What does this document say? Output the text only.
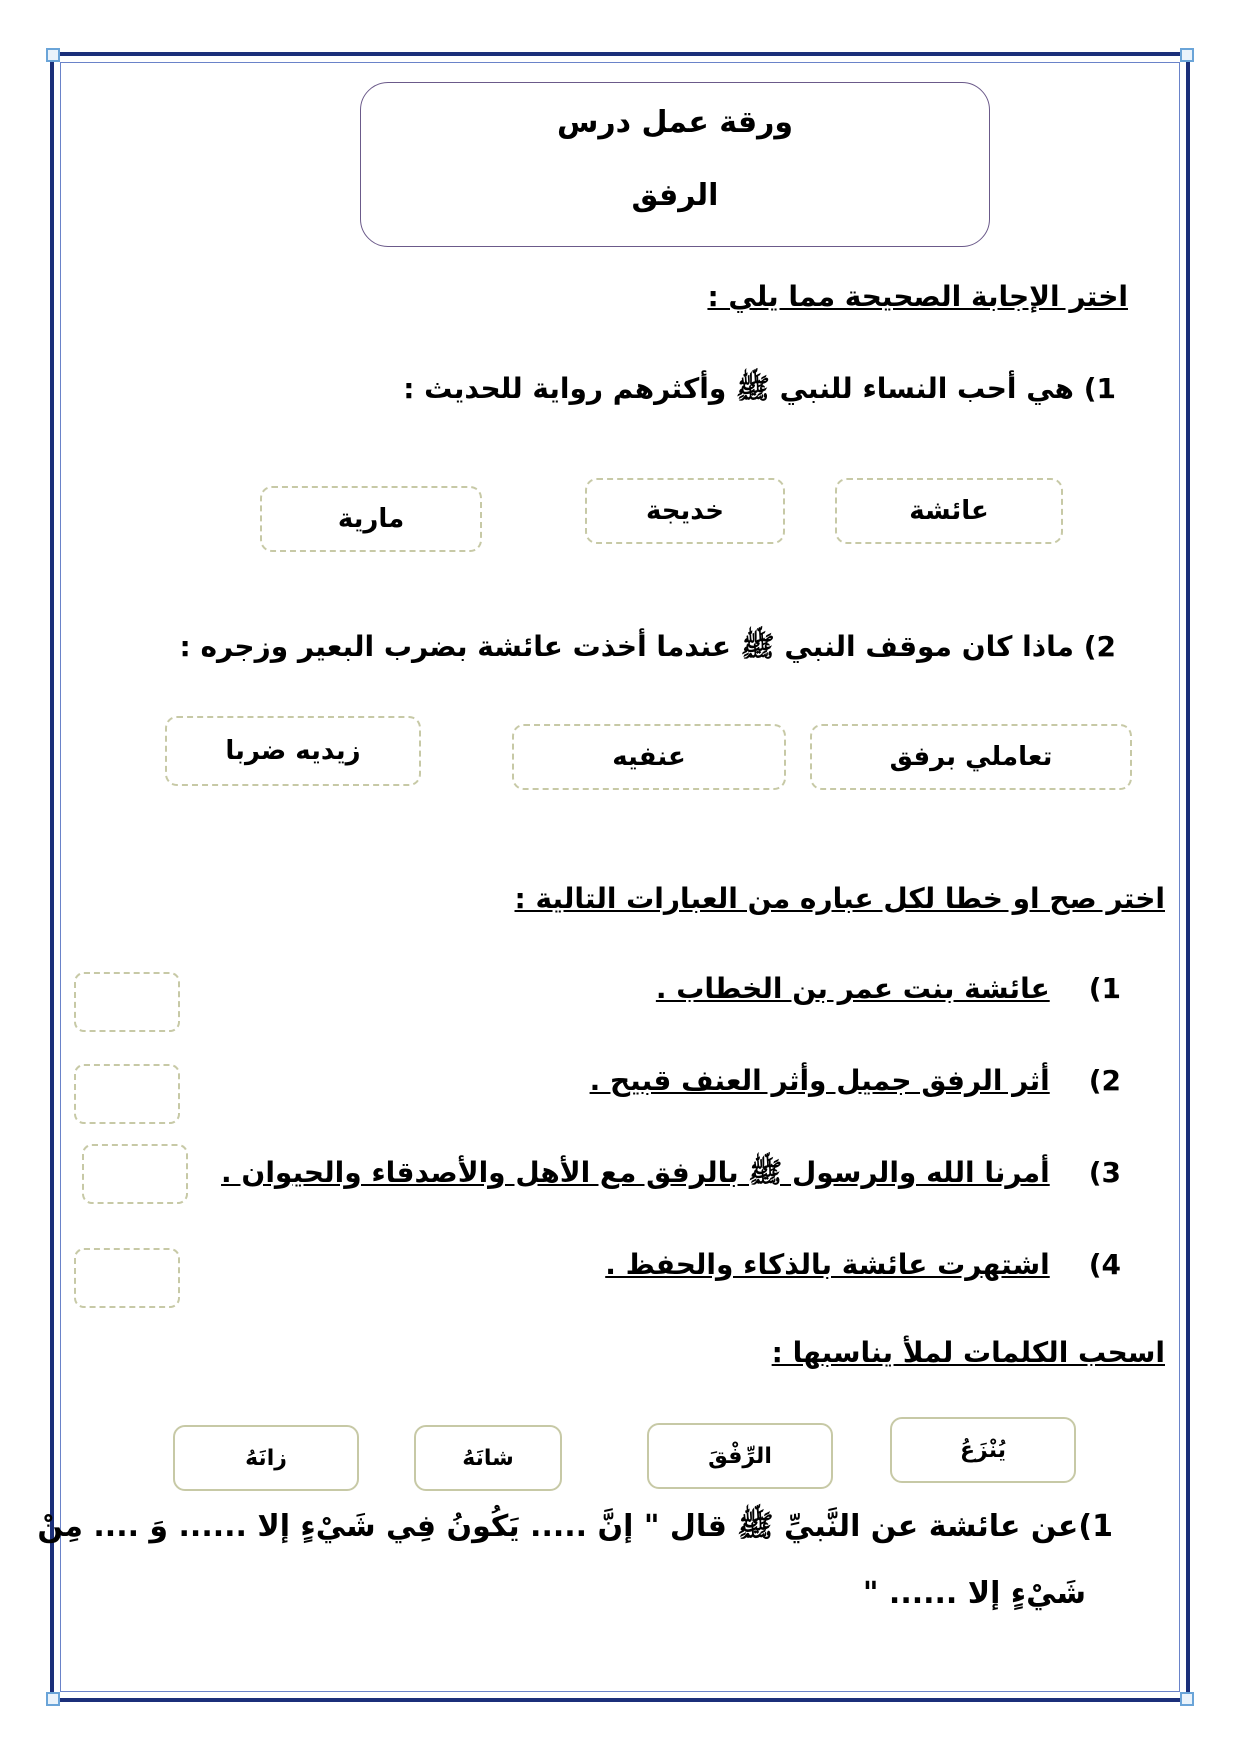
ورقة عمل درس
الرفق
اختر الإجابة الصحيحة مما يلي :
1) هي أحب النساء للنبي ﷺ وأكثرهم رواية للحديث :
عائشة
خديجة
مارية
2) ماذا كان موقف النبي ﷺ عندما أخذت عائشة بضرب البعير وزجره :
تعاملي برفق
عنفيه
زيديه ضربا
اختر صح او خطا لكل عباره من العبارات التالية :
1)    عائشة بنت عمر بن الخطاب .
2)    أثر الرفق جميل وأثر العنف قبيح .
3)    أمرنا الله والرسول ﷺ بالرفق مع الأهل والأصدقاء والحيوان .
4)    اشتهرت عائشة بالذكاء والحفظ .
اسحب الكلمات لملأ يناسبها :
يُنْزَعُ
الرِّفْقَ
شانَهُ
زانَهُ
1)عن عائشة عن النَّبيِّ ﷺ قال " إنَّ ..... يَكُونُ فِي شَيْءٍ إلا ...... وَ .... مِنْ
شَيْءٍ إلا ...... "
